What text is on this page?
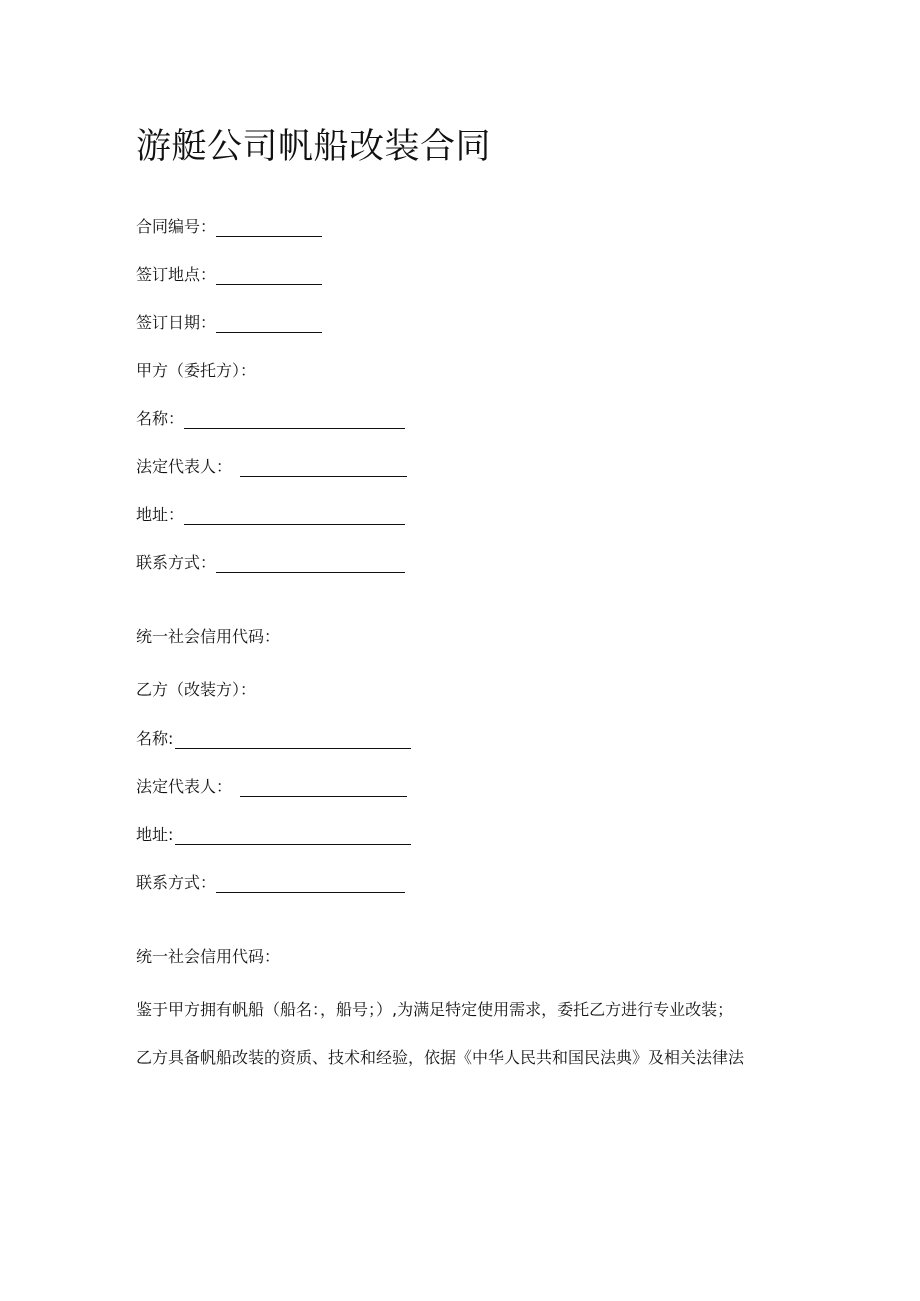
游艇公司帆船改装合同
合同编号：
签订地点：
签订日期：
甲方（委托方）：
名称：
法定代表人：
地址：
联系方式：
统一社会信用代码：
乙方（改装方）：
名称:
法定代表人：
地址:
联系方式：
统一社会信用代码：
鉴于甲方拥有帆船（船名：，船号；）,为满足特定使用需求，委托乙方进行专业改装；
乙方具备帆船改装的资质、技术和经验，依据《中华人民共和国民法典》及相关法律法
